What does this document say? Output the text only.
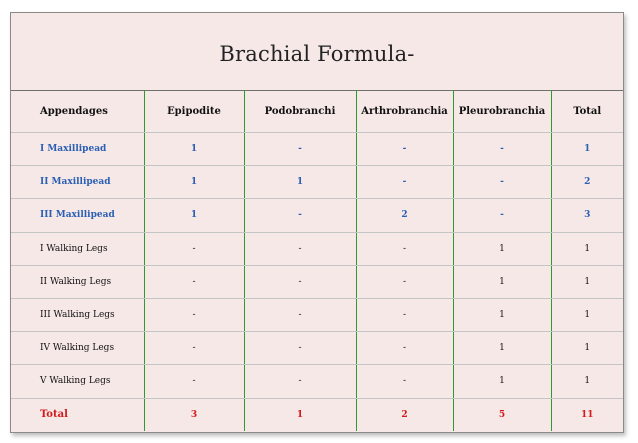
Brachial Formula-
Appendages	Epipodite	Podobranchi	Arthrobranchia	Pleurobranchia	Total
I Maxillipead	1	-	-	-	1
II Maxillipead	1	1	-	-	2
III Maxillipead	1	-	2	-	3
I Walking Legs	-	-	-	1	1
II Walking Legs	-	-	-	1	1
III Walking Legs	-	-	-	1	1
IV Walking Legs	-	-	-	1	1
V Walking Legs	-	-	-	1	1
Total	3	1	2	5	11
